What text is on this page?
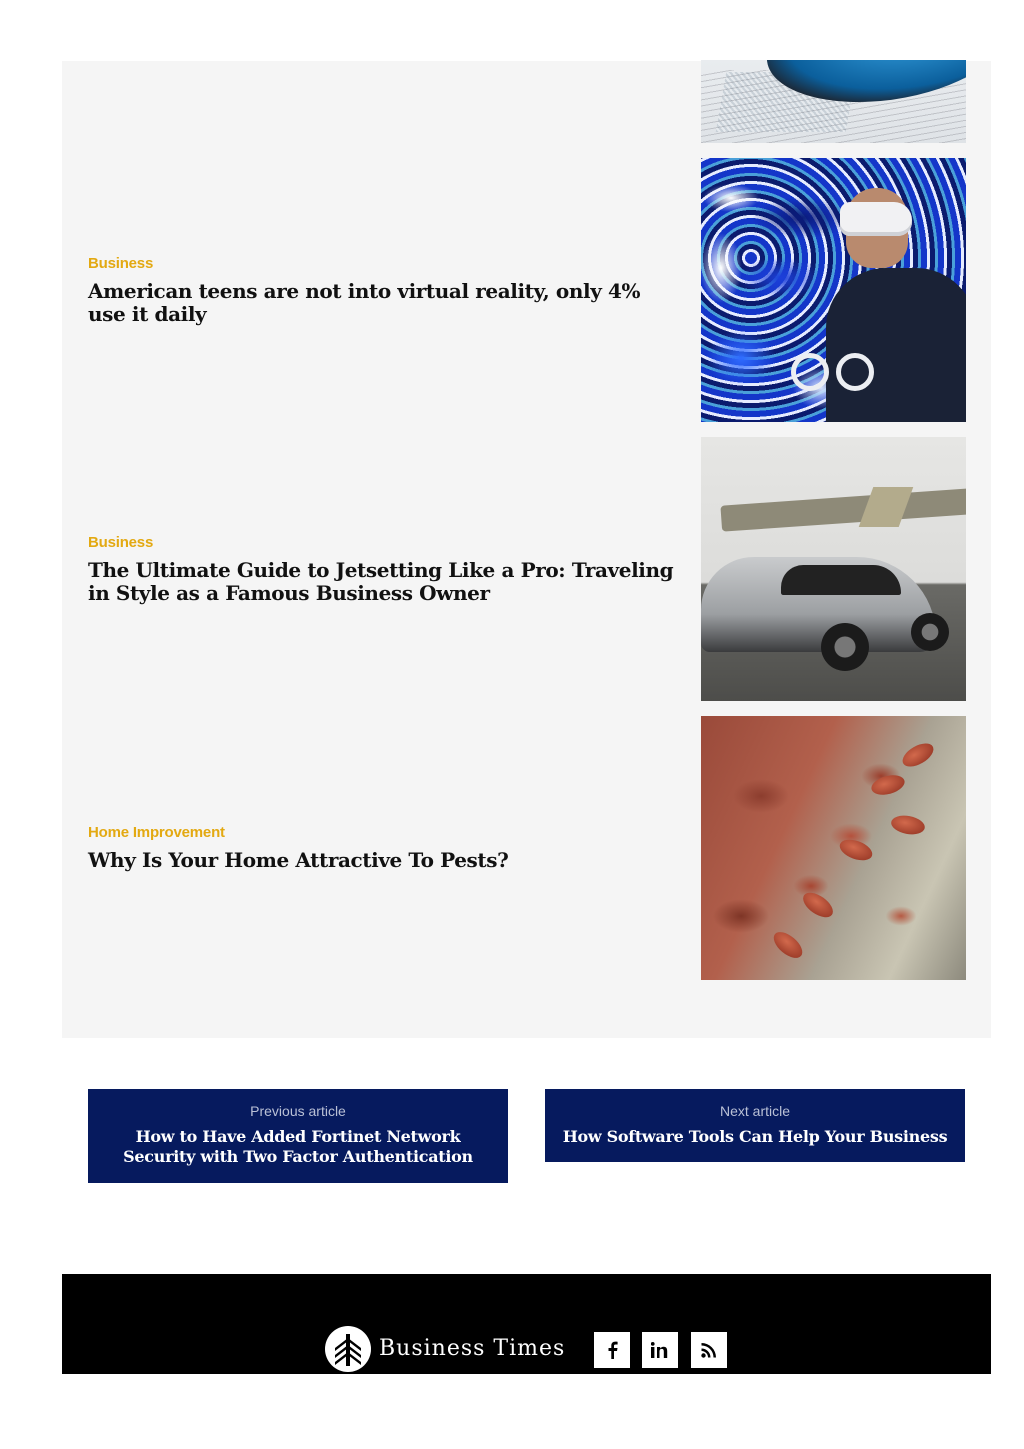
Business
American teens are not into virtual reality, only 4% use it daily
Business
The Ultimate Guide to Jetsetting Like a Pro: Traveling in Style as a Famous Business Owner
Home Improvement
Why Is Your Home Attractive To Pests?
Previous article
How to Have Added Fortinet Network Security with Two Factor Authentication
Next article
How Software Tools Can Help Your Business
Business Times
